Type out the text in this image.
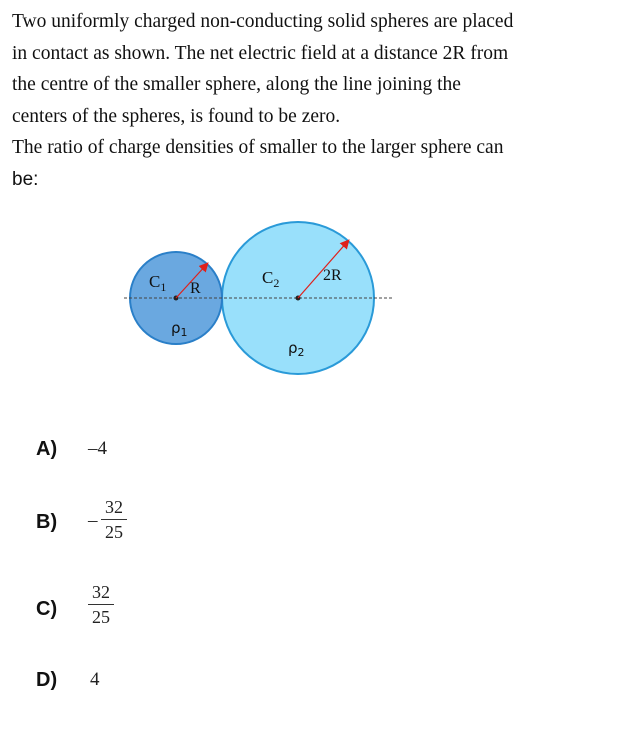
Two uniformly charged non-conducting solid spheres are placed

in contact as shown. The net electric field at a distance 2R from

the centre of the smaller sphere, along the line joining the

centers of the spheres, is found to be zero.

The ratio of charge densities of smaller to the larger sphere can

be:

$C_1$ R
$\rho_1$
$C_2$	2R
$\rho_2$
A) –4
B) –
32
25
C)
32
25
D) 4
